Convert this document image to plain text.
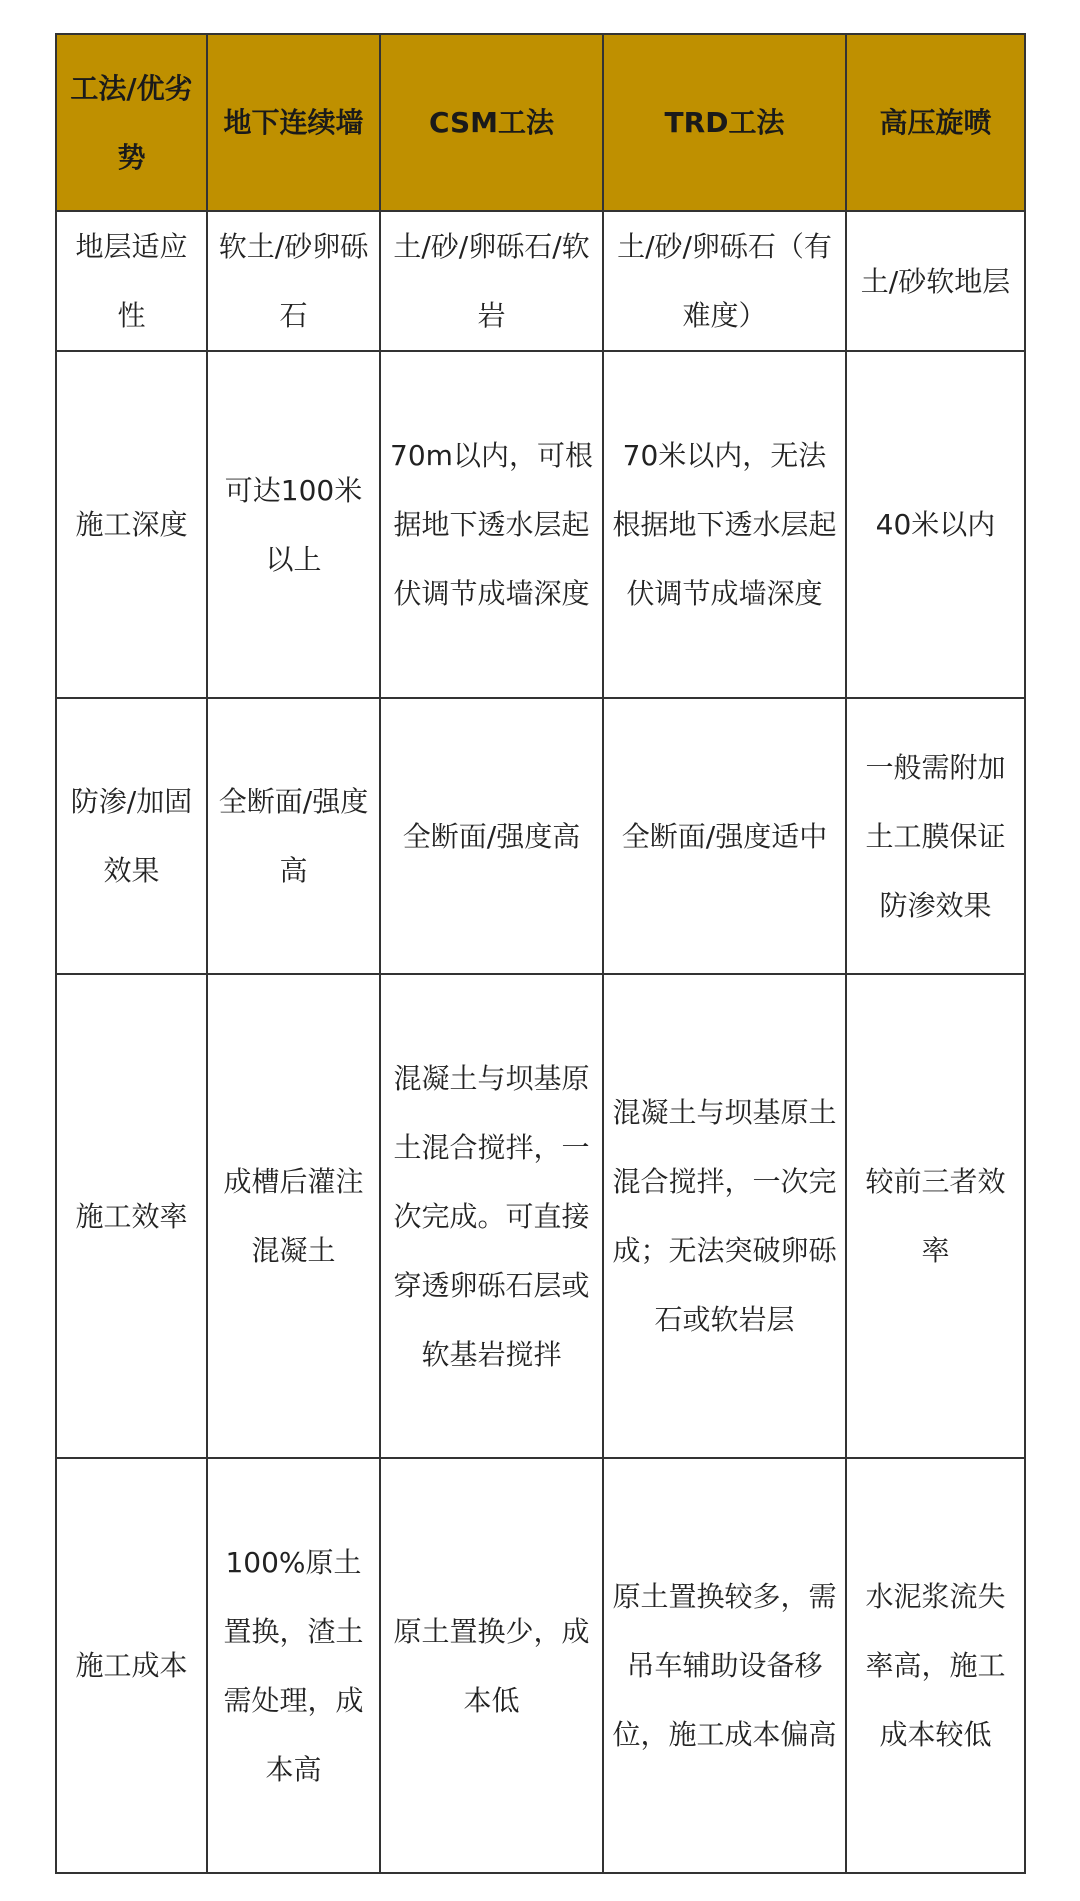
工法/优劣势	地下连续墙	CSM工法	TRD工法	高压旋喷
地层适应性	软土/砂卵砾石	土/砂/卵砾石/软岩	土/砂/卵砾石（有难度）	土/砂软地层
施工深度	可达100米以上	70m以内，可根据地下透水层起伏调节成墙深度	70米以内，无法根据地下透水层起伏调节成墙深度	40米以内
防渗/加固效果	全断面/强度高	全断面/强度高	全断面/强度适中	一般需附加土工膜保证防渗效果
施工效率	成槽后灌注混凝土	混凝土与坝基原土混合搅拌，一次完成。可直接穿透卵砾石层或软基岩搅拌	混凝土与坝基原土混合搅拌，一次完成；无法突破卵砾石或软岩层	较前三者效率
施工成本	100%原土置换，渣土需处理，成本高	原土置换少，成本低	原土置换较多，需吊车辅助设备移位，施工成本偏高	水泥浆流失率高，施工成本较低
